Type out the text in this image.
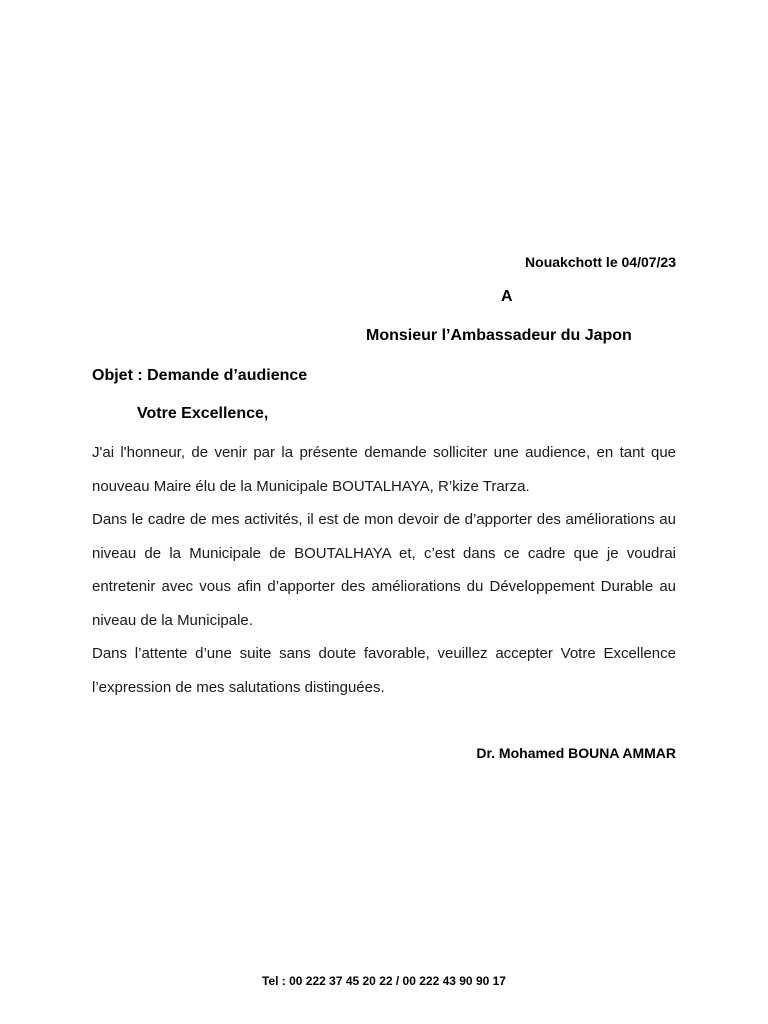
Nouakchott le 04/07/23

A

Monsieur l’Ambassadeur du Japon

Objet : Demande d’audience

Votre Excellence,

J'ai l'honneur, de venir par la présente demande solliciter une audience, en tant que nouveau Maire élu de la Municipale BOUTALHAYA, R’kize Trarza.

Dans le cadre de mes activités, il est de mon devoir de d’apporter des améliorations au niveau de la Municipale de BOUTALHAYA et, c’est dans ce cadre que je voudrai entretenir avec vous afin d’apporter des améliorations du Développement Durable au niveau de la Municipale.

Dans l’attente d’une suite sans doute favorable, veuillez accepter Votre Excellence l’expression de mes salutations distinguées.

Dr. Mohamed BOUNA AMMAR

Tel : 00 222 37 45 20 22 / 00 222 43 90 90 17
